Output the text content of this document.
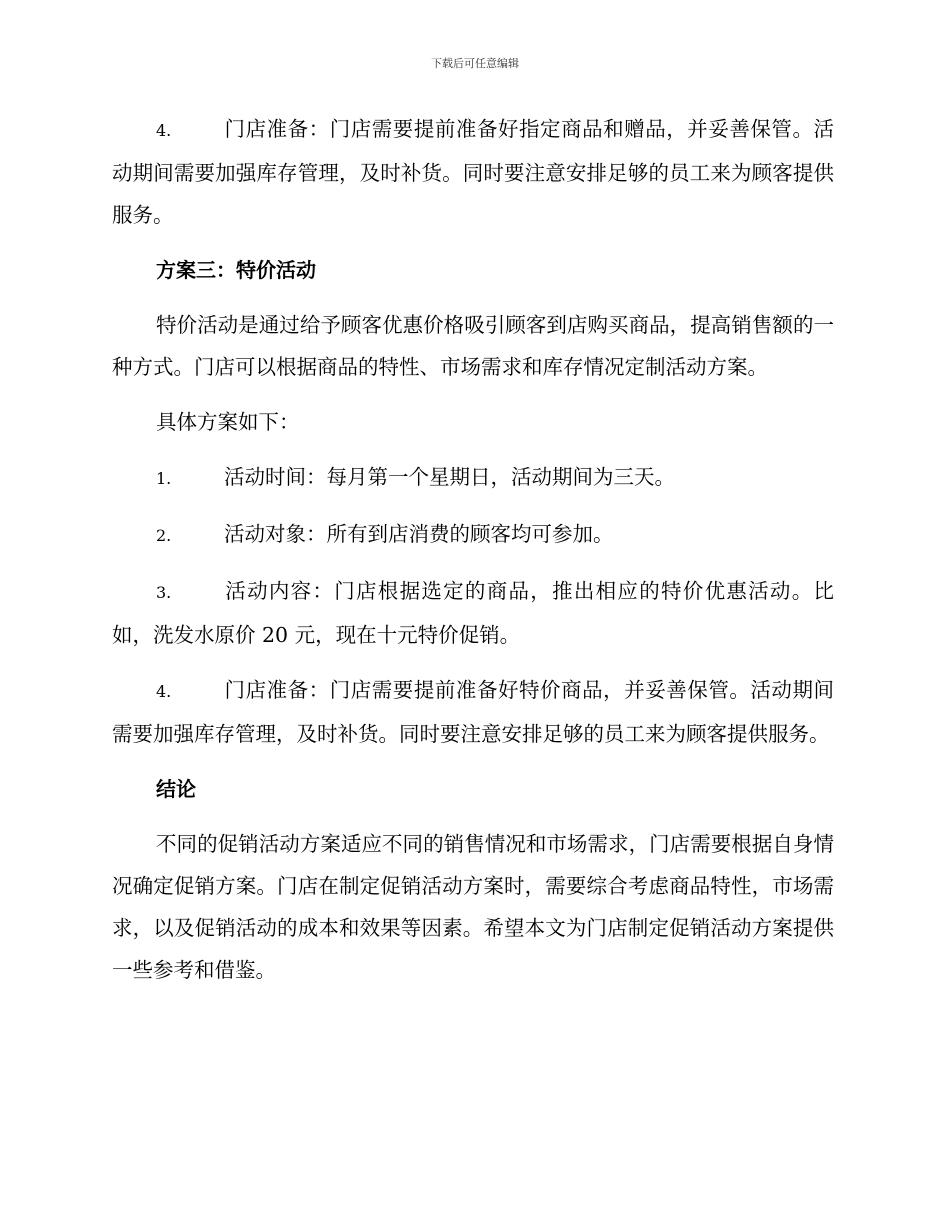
下载后可任意编辑

4.	门店准备：门店需要提前准备好指定商品和赠品，并妥善保管。活动期间需要加强库存管理，及时补货。同时要注意安排足够的员工来为顾客提供服务。

方案三：特价活动

特价活动是通过给予顾客优惠价格吸引顾客到店购买商品，提高销售额的一种方式。门店可以根据商品的特性、市场需求和库存情况定制活动方案。

具体方案如下：

1.	活动时间：每月第一个星期日，活动期间为三天。

2.	活动对象：所有到店消费的顾客均可参加。

3.	活动内容：门店根据选定的商品，推出相应的特价优惠活动。比如，洗发水原价 20 元，现在十元特价促销。

4.	门店准备：门店需要提前准备好特价商品，并妥善保管。活动期间需要加强库存管理，及时补货。同时要注意安排足够的员工来为顾客提供服务。

结论

不同的促销活动方案适应不同的销售情况和市场需求，门店需要根据自身情况确定促销方案。门店在制定促销活动方案时，需要综合考虑商品特性，市场需求，以及促销活动的成本和效果等因素。希望本文为门店制定促销活动方案提供一些参考和借鉴。
